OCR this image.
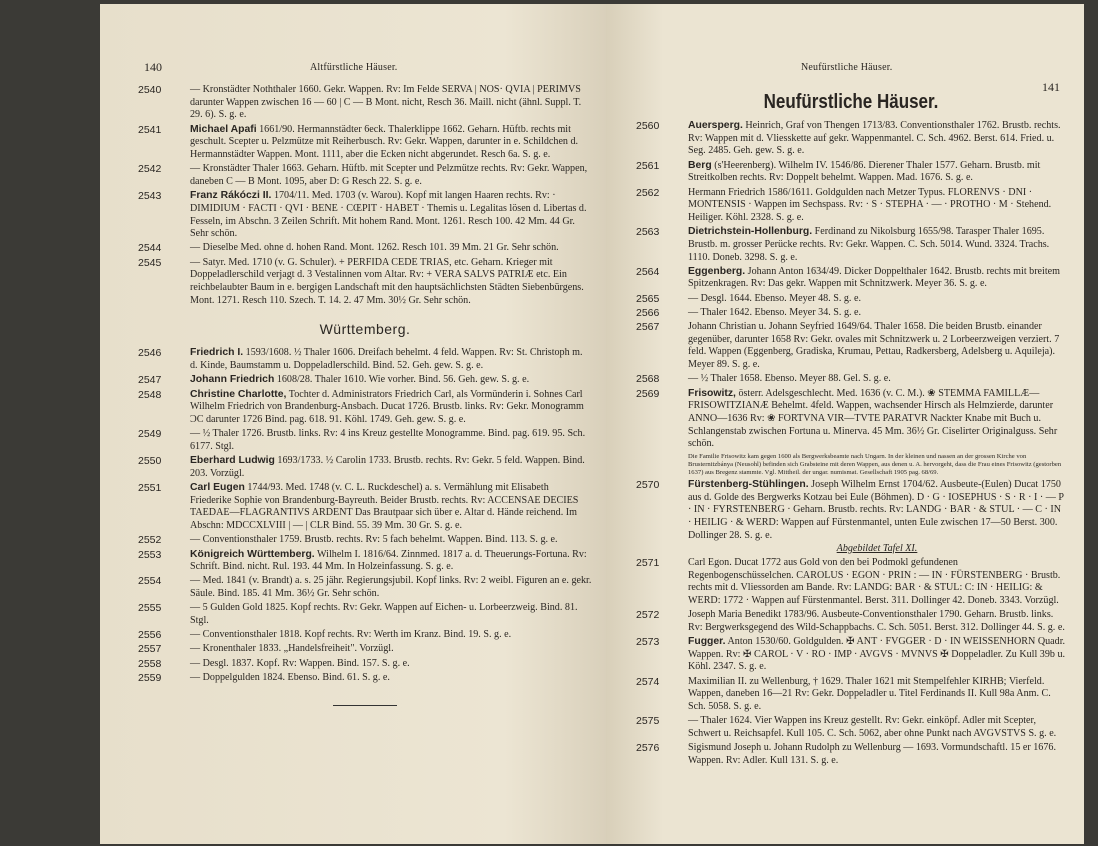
140	Altfürstliche Häuser.
2540	— Kronstädter Noththaler 1660. Gekr. Wappen. Rv: Im Felde SERVA | NOS· QVIA | PERIMVS darunter Wappen zwischen 16 — 60 | C — B Mont. nicht, Resch 36. Maill. nicht (ähnl. Suppl. T. 29. 6). S. g. e.
2541	Michael Apafi 1661/90. Hermannstädter 6eck. Thalerklippe 1662. Geharn. Hüftb. rechts mit geschult. Scepter u. Pelzmütze mit Reiherbusch. Rv: Gekr. Wappen, darunter in e. Schildchen d. Hermannstädter Wappen. Mont. 1111, aber die Ecken nicht abgerundet. Resch 6a. S. g. e.
2542	— Kronstädter Thaler 1663. Geharn. Hüftb. mit Scepter und Pelzmütze rechts. Rv: Gekr. Wappen, daneben C — B Mont. 1095, aber D: G Resch 22. S. g. e.
2543	Franz Rákóczi II. 1704/11. Med. 1703 (v. Warou). Kopf mit langen Haaren rechts. Rv: · DIMIDIUM · FACTI · QVI · BENE · CŒPIT · HABET · Themis u. Legalitas lösen d. Libertas d. Fesseln, im Abschn. 3 Zeilen Schrift. Mit hohem Rand. Mont. 1261. Resch 100. 42 Mm. 44 Gr. Sehr schön.
2544	— Dieselbe Med. ohne d. hohen Rand. Mont. 1262. Resch 101. 39 Mm. 21 Gr. Sehr schön.
2545	— Satyr. Med. 1710 (v. G. Schuler). + PERFIDA CEDE TRIAS, etc. Geharn. Krieger mit Doppeladlerschild verjagt d. 3 Vestalinnen vom Altar. Rv: + VERA SALVS PATRIÆ etc. Ein reichbelaubter Baum in e. bergigen Landschaft mit den hauptsächlichsten Städten Siebenbürgens. Mont. 1271. Resch 110. Szech. T. 14. 2. 47 Mm. 30½ Gr. Sehr schön.
Württemberg.
2546	Friedrich I. 1593/1608. ½ Thaler 1606. Dreifach behelmt. 4 feld. Wappen. Rv: St. Christoph m. d. Kinde, Baumstamm u. Doppeladlerschild. Bind. 52. Geh. gew. S. g. e.
2547	Johann Friedrich 1608/28. Thaler 1610. Wie vorher. Bind. 56. Geh. gew. S. g. e.
2548	Christine Charlotte, Tochter d. Administrators Friedrich Carl, als Vormünderin i. Sohnes Carl Wilhelm Friedrich von Brandenburg-Ansbach. Ducat 1726. Brustb. links. Rv: Gekr. Monogramm ƆC darunter 1726 Bind. pag. 618. 91. Köhl. 1749. Geh. gew. S. g. e.
2549	— ½ Thaler 1726. Brustb. links. Rv: 4 ins Kreuz gestellte Monogramme. Bind. pag. 619. 95. Sch. 6177. Stgl.
2550	Eberhard Ludwig 1693/1733. ½ Carolin 1733. Brustb. rechts. Rv: Gekr. 5 feld. Wappen. Bind. 203. Vorzügl.
2551	Carl Eugen 1744/93. Med. 1748 (v. C. L. Ruckdeschel) a. s. Vermählung mit Elisabeth Friederike Sophie von Brandenburg-Bayreuth. Beider Brustb. rechts. Rv: ACCENSAE DECIES TAEDAE—FLAGRANTIVS ARDENT Das Brautpaar sich über e. Altar d. Hände reichend. Im Abschn: MDCCXLVIII | — | CLR Bind. 55. 39 Mm. 30 Gr. S. g. e.
2552	— Conventionsthaler 1759. Brustb. rechts. Rv: 5 fach behelmt. Wappen. Bind. 113. S. g. e.
2553	Königreich Württemberg. Wilhelm I. 1816/64. Zinnmed. 1817 a. d. Theuerungs-Fortuna. Rv: Schrift. Bind. nicht. Rul. 193. 44 Mm. In Holzeinfassung. S. g. e.
2554	— Med. 1841 (v. Brandt) a. s. 25 jähr. Regierungsjubil. Kopf links. Rv: 2 weibl. Figuren an e. gekr. Säule. Bind. 185. 41 Mm. 36½ Gr. Sehr schön.
2555	— 5 Gulden Gold 1825. Kopf rechts. Rv: Gekr. Wappen auf Eichen- u. Lorbeerzweig. Bind. 81. Stgl.
2556	— Conventionsthaler 1818. Kopf rechts. Rv: Werth im Kranz. Bind. 19. S. g. e.
2557	— Kronenthaler 1833. „Handelsfreiheit". Vorzügl.
2558	— Desgl. 1837. Kopf. Rv: Wappen. Bind. 157. S. g. e.
2559	— Doppelgulden 1824. Ebenso. Bind. 61. S. g. e.
Neufürstliche Häuser.
141
Neufürstliche Häuser.
2560	Auersperg. Heinrich, Graf von Thengen 1713/83. Conventionsthaler 1762. Brustb. rechts. Rv: Wappen mit d. Vliesskette auf gekr. Wappenmantel. C. Sch. 4962. Berst. 614. Fried. u. Seg. 2485. Geh. gew. S. g. e.
2561	Berg (s'Heerenberg). Wilhelm IV. 1546/86. Dierener Thaler 1577. Geharn. Brustb. mit Streitkolben rechts. Rv: Doppelt behelmt. Wappen. Mad. 1676. S. g. e.
2562	Hermann Friedrich 1586/1611. Goldgulden nach Metzer Typus. FLORENVS · DNI · MONTENSIS · Wappen im Sechspass. Rv: · S · STEPHA · — · PROTHO · M · Stehend. Heiliger. Köhl. 2328. S. g. e.
2563	Dietrichstein-Hollenburg. Ferdinand zu Nikolsburg 1655/98. Tarasper Thaler 1695. Brustb. m. grosser Perücke rechts. Rv: Gekr. Wappen. C. Sch. 5014. Wund. 3324. Trachs. 1110. Doneb. 3298. S. g. e.
2564	Eggenberg. Johann Anton 1634/49. Dicker Doppelthaler 1642. Brustb. rechts mit breitem Spitzenkragen. Rv: Das gekr. Wappen mit Schnitzwerk. Meyer 36. S. g. e.
2565	— Desgl. 1644. Ebenso. Meyer 48. S. g. e.
2566	— Thaler 1642. Ebenso. Meyer 34. S. g. e.
2567	Johann Christian u. Johann Seyfried 1649/64. Thaler 1658. Die beiden Brustb. einander gegenüber, darunter 1658 Rv: Gekr. ovales mit Schnitzwerk u. 2 Lorbeerzweigen verziert. 7 feld. Wappen (Eggenberg, Gradiska, Krumau, Pettau, Radkersberg, Adelsberg u. Aquileja). Meyer 89. S. g. e.
2568	— ½ Thaler 1658. Ebenso. Meyer 88. Gel. S. g. e.
2569	Frisowitz, österr. Adelsgeschlecht. Med. 1636 (v. C. M.). ❀ STEMMA FAMILLÆ— FRISOWITZIANÆ Behelmt. 4feld. Wappen, wachsender Hirsch als Helmzierde, darunter ANNO—1636 Rv: ❀ FORTVNA VIR—TVTE PARATVR Nackter Knabe mit Buch u. Schlangenstab zwischen Fortuna u. Minerva. 45 Mm. 36½ Gr. Ciselirter Originalguss. Sehr schön.
Die Familie Frisowitz kam gegen 1600 als Bergwerksbeamte nach Ungarn. In der kleinen und nassen an der grossen Kirche von Brusternitzbánya (Neusohl) befinden sich Grabsteine mit deren Wappen, aus denen u. A. hervorgeht, dass die Frau eines Frisowitz (gestorben 1637) aus Bregenz stammte. Vgl. Mittheil. der ungar. numismat. Gesellschaft 1905 pag. 68/69.
2570	Fürstenberg-Stühlingen. Joseph Wilhelm Ernst 1704/62. Ausbeute-(Eulen) Ducat 1750 aus d. Golde des Bergwerks Kotzau bei Eule (Böhmen). D · G · IOSEPHUS · S · R · I · — P · IN · FYRSTENBERG · Geharn. Brustb. rechts. Rv: LANDG · BAR · & STUL · — C · IN · HEILIG · & WERD: Wappen auf Fürstenmantel, unten Eule zwischen 17—50 Berst. 300. Dollinger 28. S. g. e.
Abgebildet Tafel XI.
2571	Carl Egon. Ducat 1772 aus Gold von den bei Podmokl gefundenen Regenbogenschüsselchen. CAROLUS · EGON · PRIN : — IN · FÜRSTENBERG · Brustb. rechts mit d. Vliessorden am Bande. Rv: LANDG: BAR · & STUL: C: IN · HEILIG: & WERD: 1772 · Wappen auf Fürstenmantel. Berst. 311. Dollinger 42. Doneb. 3343. Vorzügl.
2572	Joseph Maria Benedikt 1783/96. Ausbeute-Conventionsthaler 1790. Geharn. Brustb. links. Rv: Bergwerksgegend des Wild-Schappbachs. C. Sch. 5051. Berst. 312. Dollinger 44. S. g. e.
2573	Fugger. Anton 1530/60. Goldgulden. ✠ ANT · FVGGER · D · IN WEISSENHORN Quadr. Wappen. Rv: ✠ CAROL · V · RO · IMP · AVGVS · MVNVS ✠ Doppeladler. Zu Kull 39b u. Köhl. 2347. S. g. e.
2574	Maximilian II. zu Wellenburg, † 1629. Thaler 1621 mit Stempelfehler KIRHB; Vierfeld. Wappen, daneben 16—21 Rv: Gekr. Doppeladler u. Titel Ferdinands II. Kull 98a Anm. C. Sch. 5058. S. g. e.
2575	— Thaler 1624. Vier Wappen ins Kreuz gestellt. Rv: Gekr. einköpf. Adler mit Scepter, Schwert u. Reichsapfel. Kull 105. C. Sch. 5062, aber ohne Punkt nach AVGVSTVS S. g. e.
2576	Sigismund Joseph u. Johann Rudolph zu Wellenburg — 1693. Vormundschaftl. 15 er 1676. Wappen. Rv: Adler. Kull 131. S. g. e.
